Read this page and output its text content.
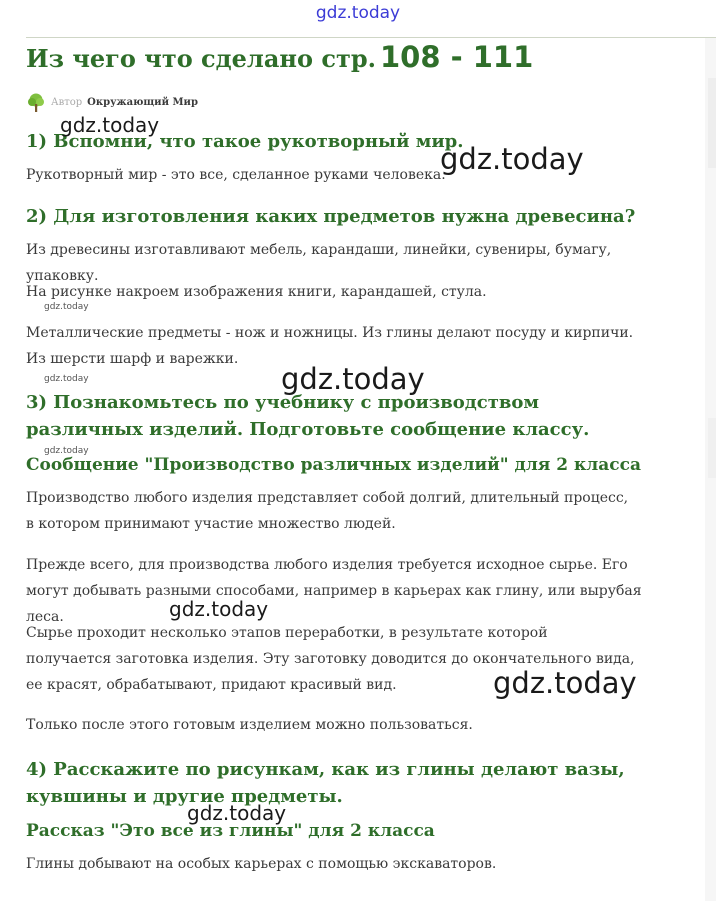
gdz.today
Из чего что сделано стр. 108 - 111
Автор Окружающий Мир
1) Вспомни, что такое рукотворный мир.

Рукотворный мир - это все, сделанное руками человека.

2) Для изготовления каких предметов нужна древесина?

Из древесины изготавливают мебель, карандаши, линейки, сувениры, бумагу, упаковку.

На рисунке накроем изображения книги, карандашей, стула.

Металлические предметы - нож и ножницы. Из глины делают посуду и кирпичи. Из шерсти шарф и варежки.

3) Познакомьтесь по учебнику с производством различных изделий. Подготовьте сообщение классу.
Сообщение "Производство различных изделий" для 2 класса

Производство любого изделия представляет собой долгий, длительный процесс, в котором принимают участие множество людей.

Прежде всего, для производства любого изделия требуется исходное сырье. Его могут добывать разными способами, например в карьерах как глину, или вырубая леса.

Сырье проходит несколько этапов переработки, в результате которой получается заготовка изделия. Эту заготовку доводится до окончательного вида, ее красят, обрабатывают, придают красивый вид.

Только после этого готовым изделием можно пользоваться.

4) Расскажите по рисункам, как из глины делают вазы, кувшины и другие предметы.
Рассказ "Это все из глины" для 2 класса

Глины добывают на особых карьерах с помощью экскаваторов.

gdz.today
gdz.today
gdz.today
gdz.today	gdz.today
gdz.today
gdz.today
gdz.today
gdz.today
